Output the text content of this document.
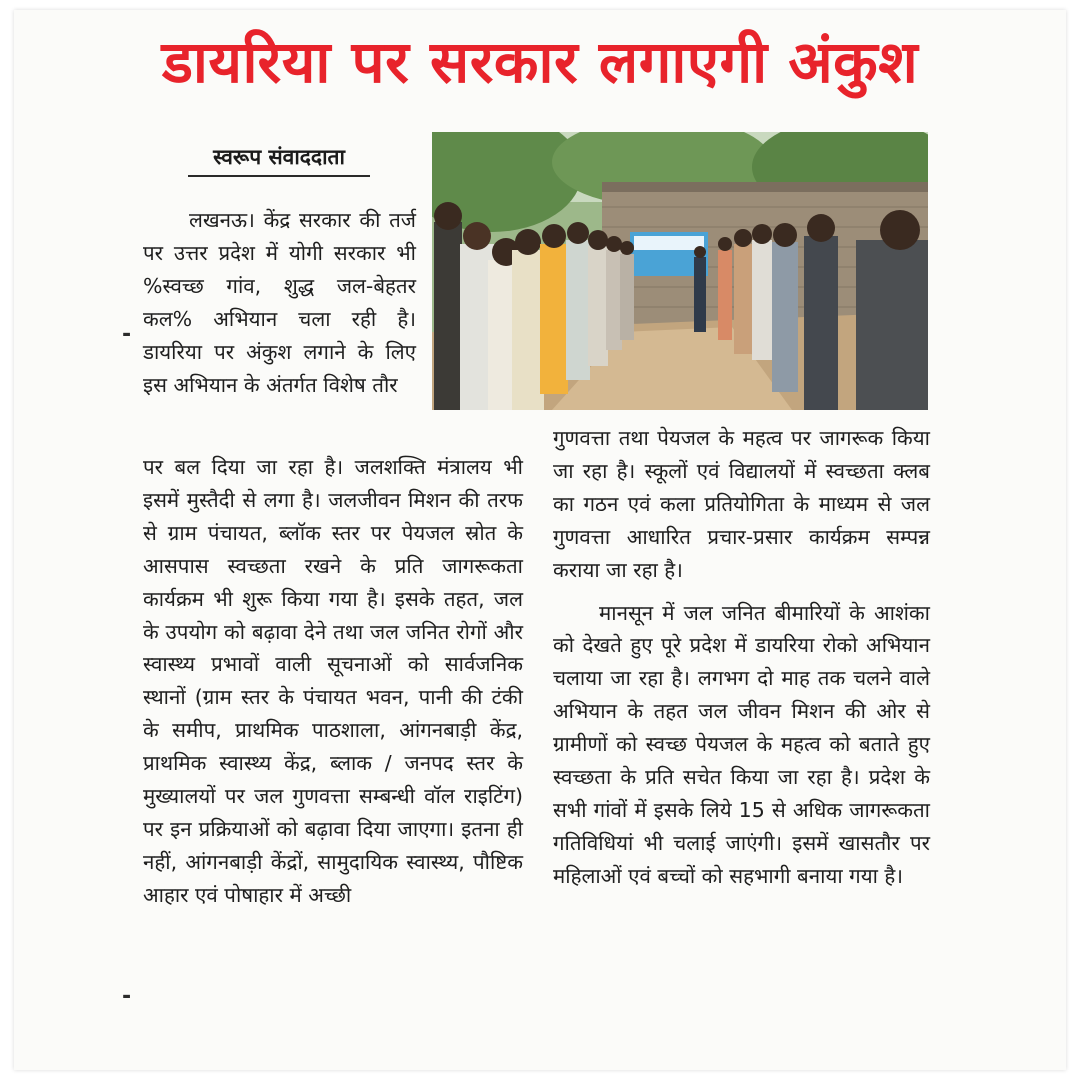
डायरिया पर सरकार लगाएगी अंकुश
स्वरूप संवाददाता

लखनऊ। केंद्र सरकार की तर्ज पर उत्तर प्रदेश में योगी सरकार भी %स्वच्छ गांव, शुद्ध जल-बेहतर कल% अभियान चला रही है। डायरिया पर अंकुश लगाने के लिए इस अभियान के अंतर्गत विशेष तौर

पर बल दिया जा रहा है। जलशक्ति मंत्रालय भी इसमें मुस्तैदी से लगा है। जलजीवन मिशन की तरफ से ग्राम पंचायत, ब्लॉक स्तर पर पेयजल स्रोत के आसपास स्वच्छता रखने के प्रति जागरूकता कार्यक्रम भी शुरू किया गया है। इसके तहत, जल के उपयोग को बढ़ावा देने तथा जल जनित रोगों और स्वास्थ्य प्रभावों वाली सूचनाओं को सार्वजनिक स्थानों (ग्राम स्तर के पंचायत भवन, पानी की टंकी के समीप, प्राथमिक पाठशाला, आंगनबाड़ी केंद्र, प्राथमिक स्वास्थ्य केंद्र, ब्लाक / जनपद स्तर के मुख्यालयों पर जल गुणवत्ता सम्बन्धी वॉल राइटिंग) पर इन प्रक्रियाओं को बढ़ावा दिया जाएगा। इतना ही नहीं, आंगनबाड़ी केंद्रों, सामुदायिक स्वास्थ्य, पौष्टिक आहार एवं पोषाहार में अच्छी

गुणवत्ता तथा पेयजल के महत्व पर जागरूक किया जा रहा है। स्कूलों एवं विद्यालयों में स्वच्छता क्लब का गठन एवं कला प्रतियोगिता के माध्यम से जल गुणवत्ता आधारित प्रचार-प्रसार कार्यक्रम सम्पन्न कराया जा रहा है।

मानसून में जल जनित बीमारियों के आशंका को देखते हुए पूरे प्रदेश में डायरिया रोको अभियान चलाया जा रहा है। लगभग दो माह तक चलने वाले अभियान के तहत जल जीवन मिशन की ओर से ग्रामीणों को स्वच्छ पेयजल के महत्व को बताते हुए स्वच्छता के प्रति सचेत किया जा रहा है। प्रदेश के सभी गांवों में इसके लिये 15 से अधिक जागरूकता गतिविधियां भी चलाई जाएंगी। इसमें खासतौर पर महिलाओं एवं बच्चों को सहभागी बनाया गया है।

-
-
